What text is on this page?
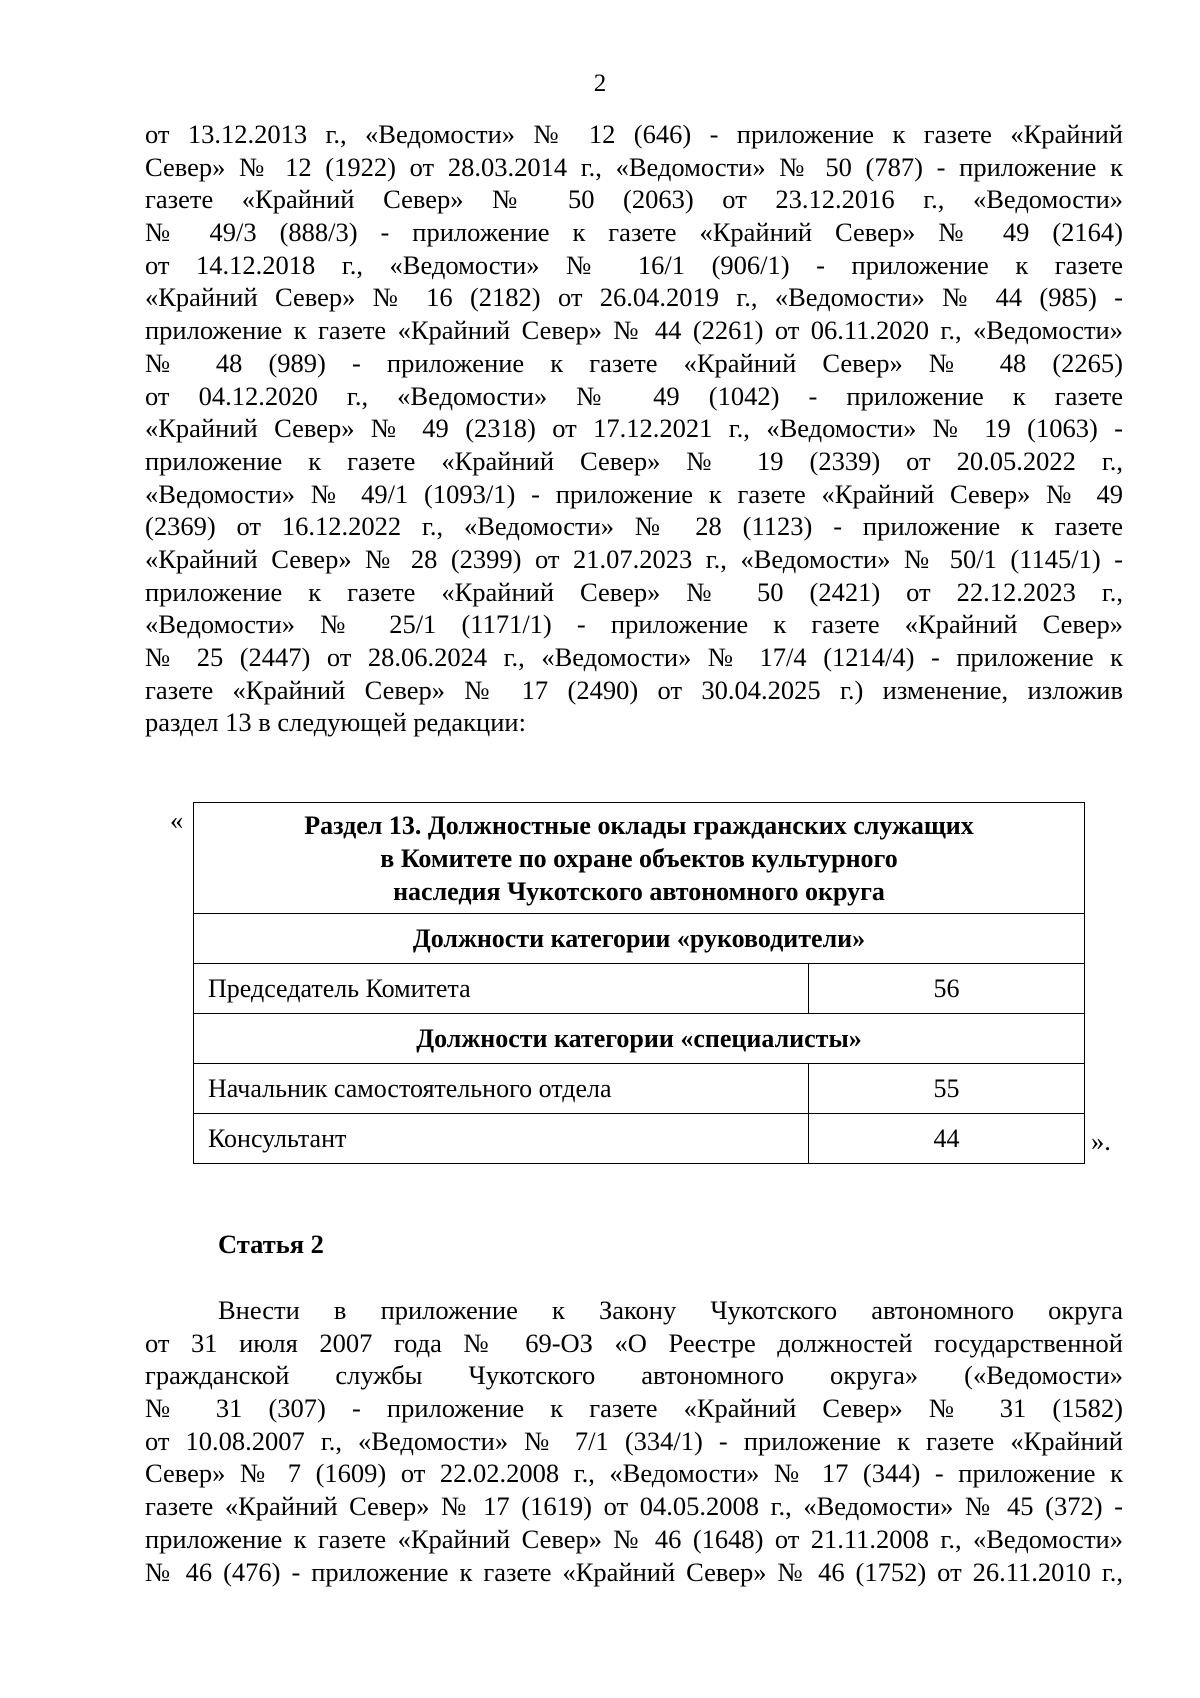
2
от 13.12.2013 г., «Ведомости» № 12 (646) - приложение к газете «Крайний
Север» № 12 (1922) от 28.03.2014 г., «Ведомости» № 50 (787) - приложение к
газете «Крайний Север» № 50 (2063) от 23.12.2016 г., «Ведомости»
№ 49/3 (888/3) - приложение к газете «Крайний Север» № 49 (2164)
от 14.12.2018 г., «Ведомости» № 16/1 (906/1) - приложение к газете
«Крайний Север» № 16 (2182) от 26.04.2019 г., «Ведомости» № 44 (985) -
приложение к газете «Крайний Север» № 44 (2261) от 06.11.2020 г., «Ведомости»
№ 48 (989) - приложение к газете «Крайний Север» № 48 (2265)
от 04.12.2020 г., «Ведомости» № 49 (1042) - приложение к газете
«Крайний Север» № 49 (2318) от 17.12.2021 г., «Ведомости» № 19 (1063) -
приложение к газете «Крайний Север» № 19 (2339) от 20.05.2022 г.,
«Ведомости» № 49/1 (1093/1) - приложение к газете «Крайний Север» № 49
(2369) от 16.12.2022 г., «Ведомости» № 28 (1123) - приложение к газете
«Крайний Север» № 28 (2399) от 21.07.2023 г., «Ведомости» № 50/1 (1145/1) -
приложение к газете «Крайний Север» № 50 (2421) от 22.12.2023 г.,
«Ведомости» № 25/1 (1171/1) - приложение к газете «Крайний Север»
№ 25 (2447) от 28.06.2024 г., «Ведомости» № 17/4 (1214/4) - приложение к
газете «Крайний Север» № 17 (2490) от 30.04.2025 г.) изменение, изложив
раздел 13 в следующей редакции:
«	Раздел 13. Должностные оклады гражданских служащих
в Комитете по охране объектов культурного
наследия Чукотского автономного округа	

Должности категории «руководители»	
Председатель Комитета	56
Должности категории «специалисты»	
Начальник самостоятельного отдела	55
Консультант	44	».
Статья 2
Внести в приложение к Закону Чукотского автономного округа
от 31 июля 2007 года № 69-ОЗ «О Реестре должностей государственной
гражданской службы Чукотского автономного округа» («Ведомости»
№ 31 (307) - приложение к газете «Крайний Север» № 31 (1582)
от 10.08.2007 г., «Ведомости» № 7/1 (334/1) - приложение к газете «Крайний
Север» № 7 (1609) от 22.02.2008 г., «Ведомости» № 17 (344) - приложение к
газете «Крайний Север» № 17 (1619) от 04.05.2008 г., «Ведомости» № 45 (372) -
приложение к газете «Крайний Север» № 46 (1648) от 21.11.2008 г., «Ведомости»
№ 46 (476) - приложение к газете «Крайний Север» № 46 (1752) от 26.11.2010 г.,
